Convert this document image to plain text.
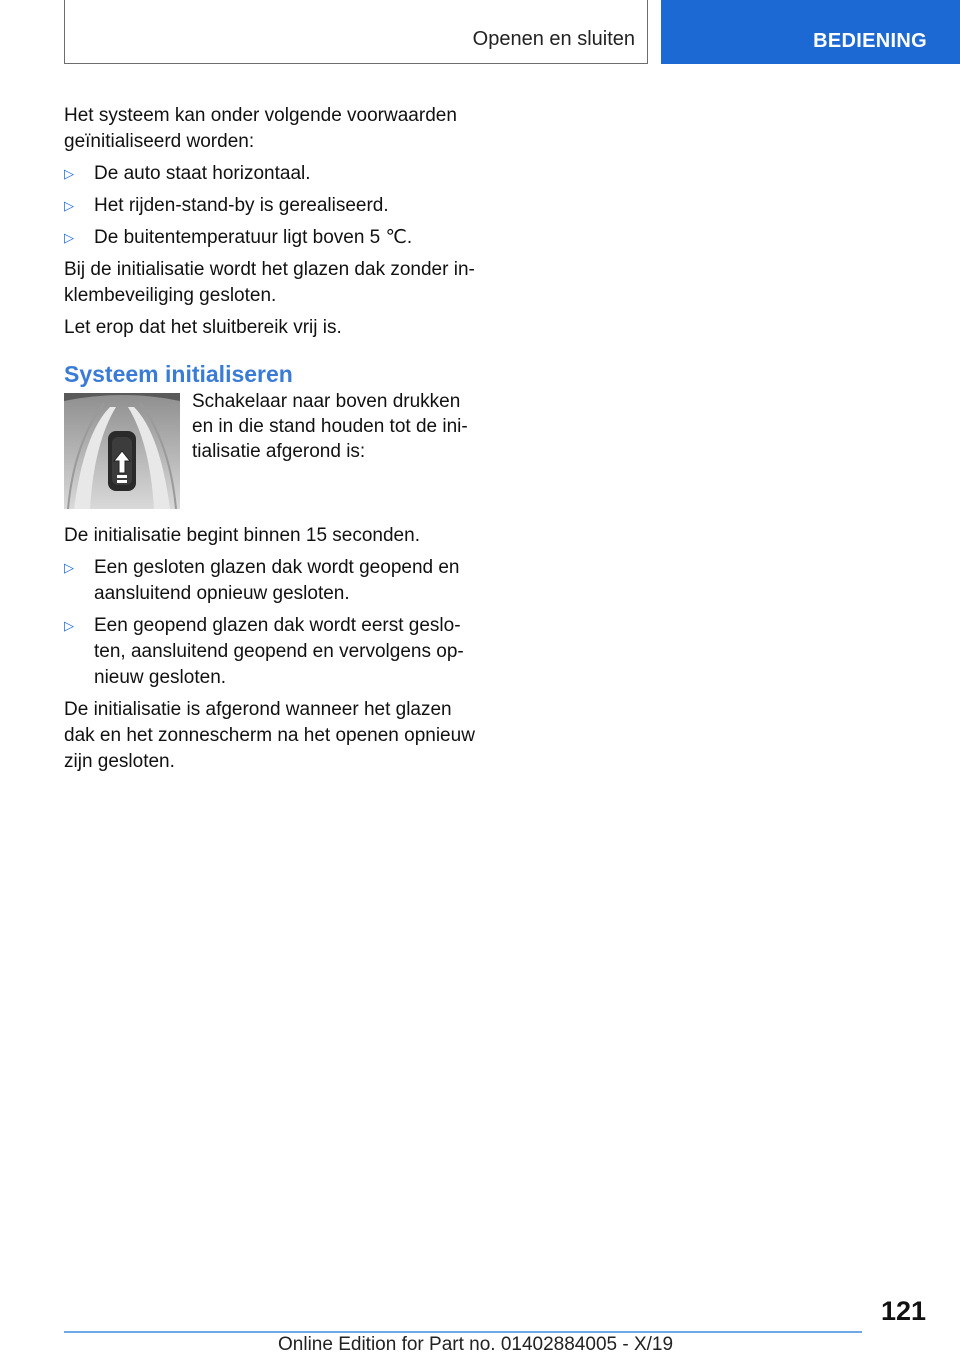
Openen en sluiten	BEDIENING

Het systeem kan onder volgende voorwaarden geïnitialiseerd worden:

▷ De auto staat horizontaal.
▷ Het rijden-stand-by is gerealiseerd.
▷ De buitentemperatuur ligt boven 5 ℃.

Bij de initialisatie wordt het glazen dak zonder inklembeveiliging gesloten.

Let erop dat het sluitbereik vrij is.

Systeem initialiseren
Schakelaar naar boven drukken en in die stand houden tot de initialisatie afgerond is:

De initialisatie begint binnen 15 seconden.

▷ Een gesloten glazen dak wordt geopend en aansluitend opnieuw gesloten.
▷ Een geopend glazen dak wordt eerst gesloten, aansluitend geopend en vervolgens opnieuw gesloten.

De initialisatie is afgerond wanneer het glazen dak en het zonnescherm na het openen opnieuw zijn gesloten.

121
Online Edition for Part no. 01402884005 - X/19
